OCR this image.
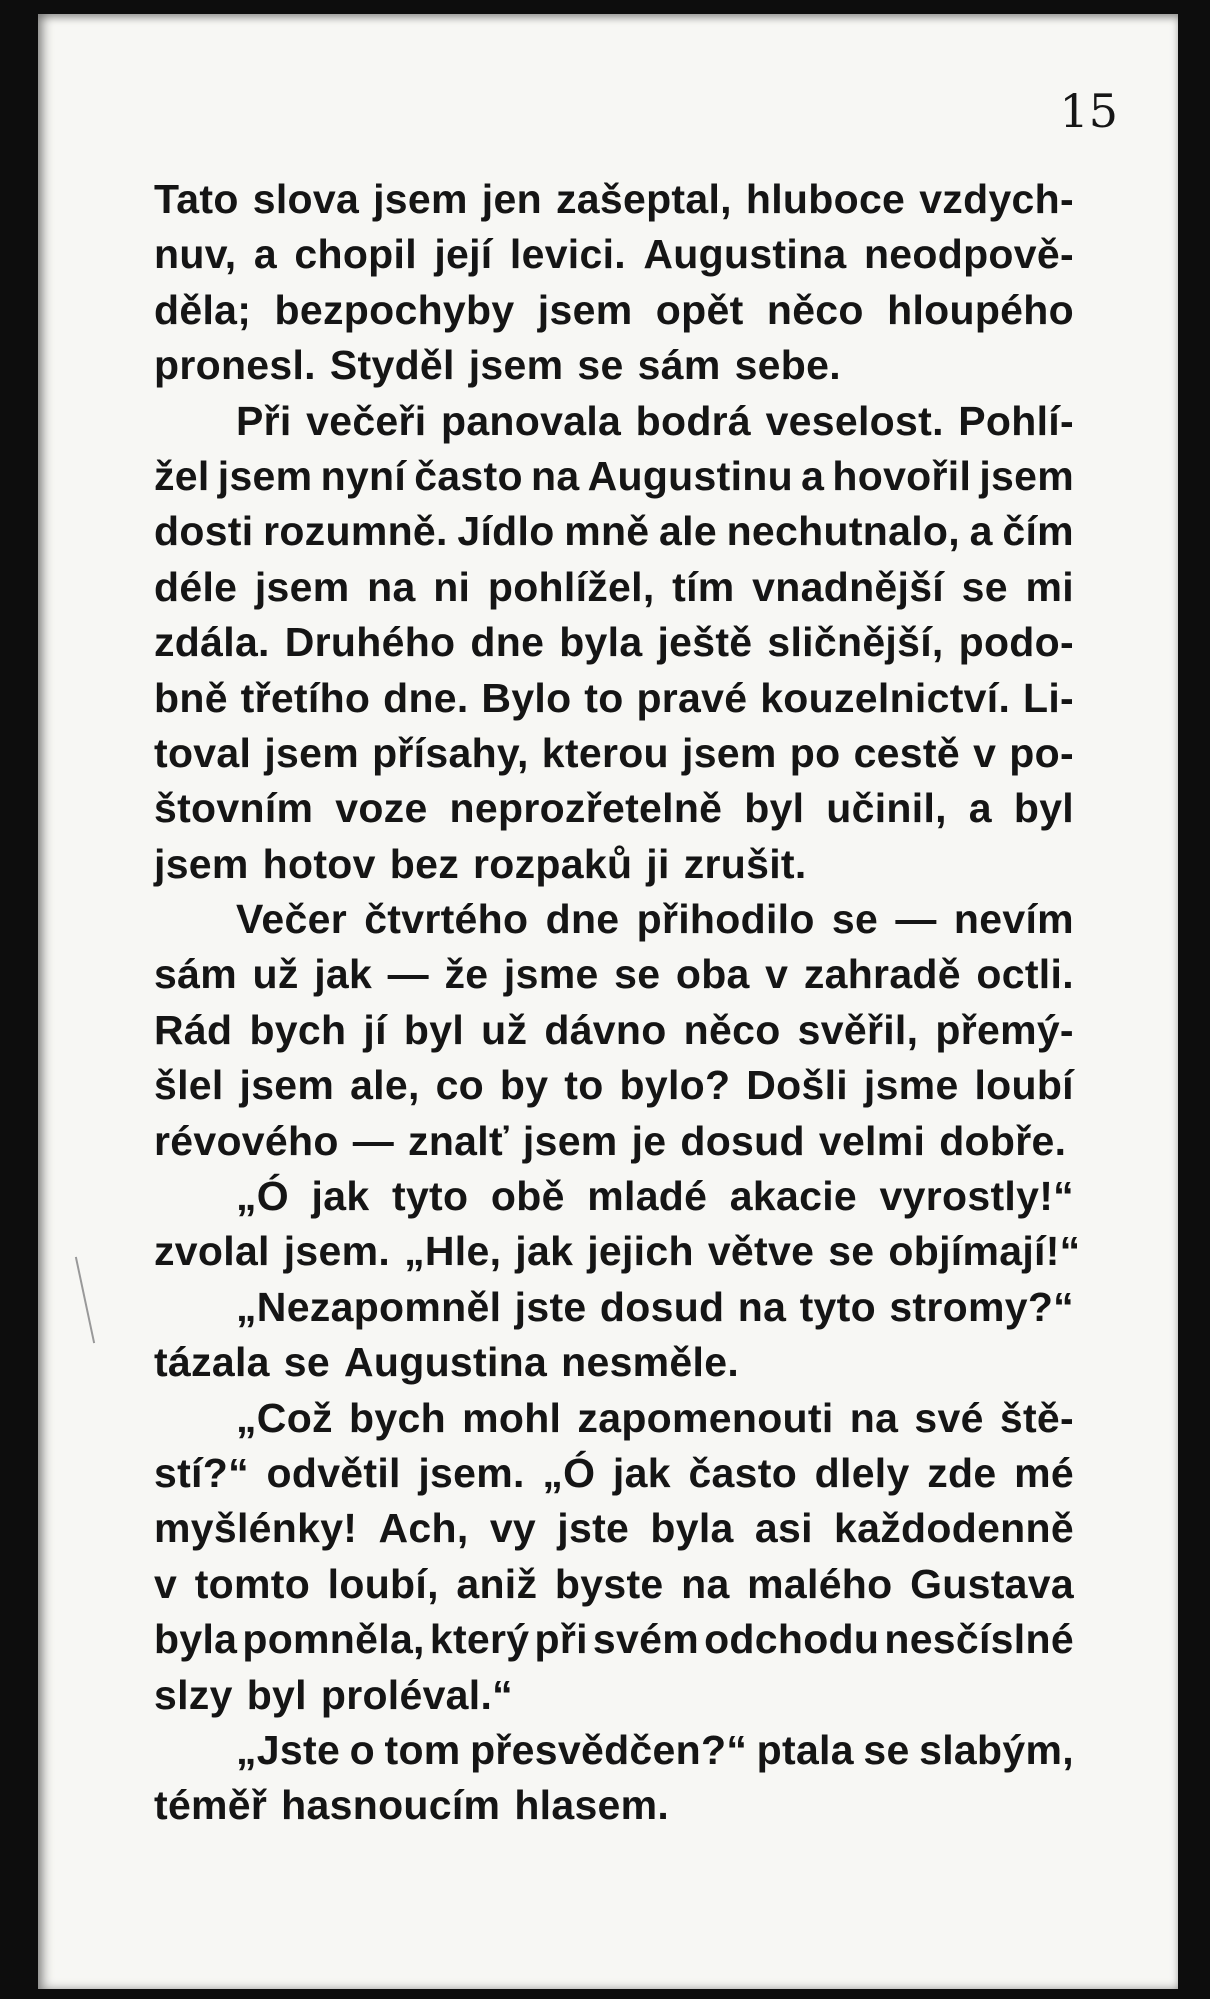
15

Tato slova jsem jen zašeptal, hluboce vzdych-
nuv, a chopil její levici. Augustina neodpově-
děla; bezpochyby jsem opět něco hloupého
pronesl. Styděl jsem se sám sebe.
Při večeři panovala bodrá veselost. Pohlí-
žel jsem nyní často na Augustinu a hovořil jsem
dosti rozumně. Jídlo mně ale nechutnalo, a čím
déle jsem na ni pohlížel, tím vnadnější se mi
zdála. Druhého dne byla ještě sličnější, podo-
bně třetího dne. Bylo to pravé kouzelnictví. Li-
toval jsem přísahy, kterou jsem po cestě v po-
štovním voze neprozřetelně byl učinil, a byl
jsem hotov bez rozpaků ji zrušit.
Večer čtvrtého dne přihodilo se — nevím
sám už jak — že jsme se oba v zahradě octli.
Rád bych jí byl už dávno něco svěřil, přemý-
šlel jsem ale, co by to bylo? Došli jsme loubí
révového — znalť jsem je dosud velmi dobře.
„Ó jak tyto obě mladé akacie vyrostly!“
zvolal jsem. „Hle, jak jejich větve se objímají!“
„Nezapomněl jste dosud na tyto stromy?“
tázala se Augustina nesměle.
„Což bych mohl zapomenouti na své ště-
stí?“ odvětil jsem. „Ó jak často dlely zde mé
myšlénky! Ach, vy jste byla asi každodenně
v tomto loubí, aniž byste na malého Gustava
byla pomněla, který při svém odchodu nesčíslné
slzy byl proléval.“
„Jste o tom přesvědčen?“ ptala se slabým,
téměř hasnoucím hlasem.
